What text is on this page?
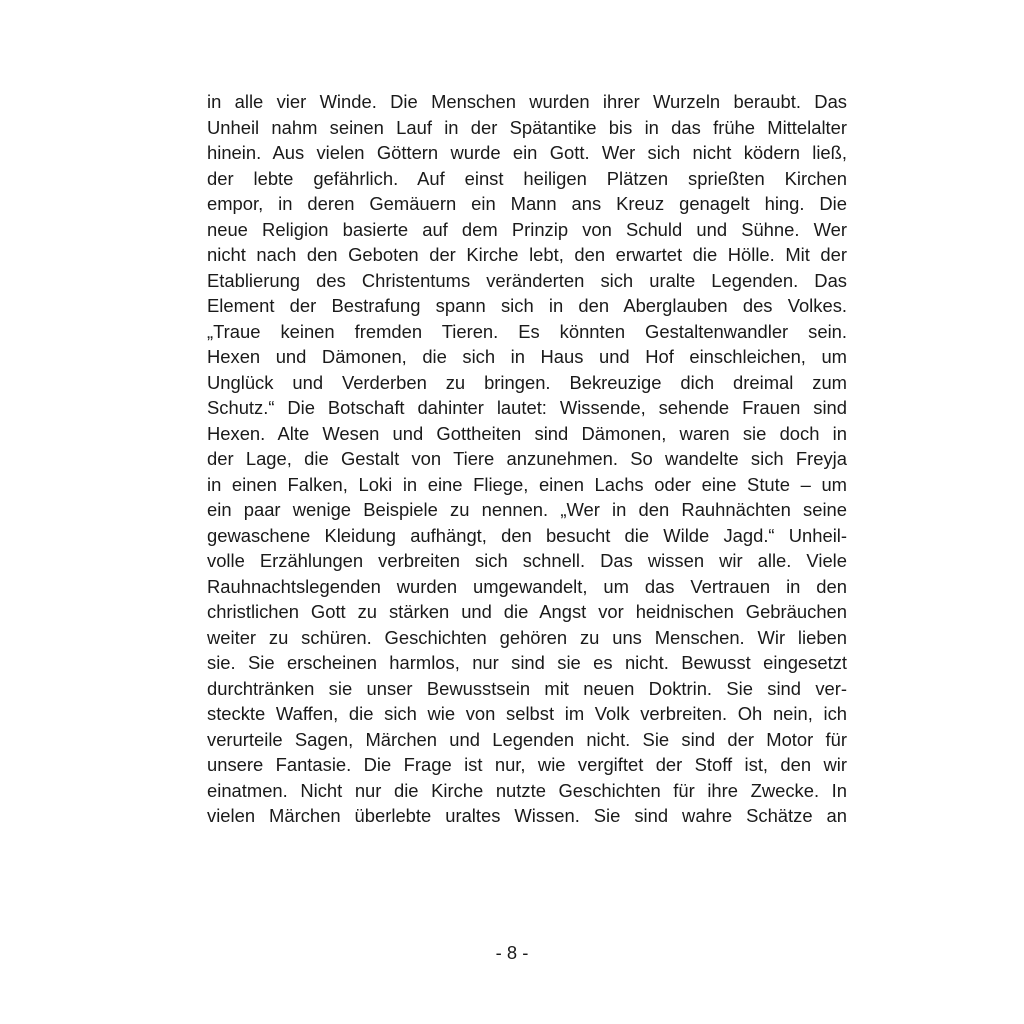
in alle vier Winde. Die Menschen wurden ihrer Wurzeln beraubt. Das
Unheil nahm seinen Lauf in der Spätantike bis in das frühe Mittelalter
hinein. Aus vielen Göttern wurde ein Gott. Wer sich nicht ködern ließ,
der lebte gefährlich. Auf einst heiligen Plätzen sprießten Kirchen
empor, in deren Gemäuern ein Mann ans Kreuz genagelt hing. Die
neue Religion basierte auf dem Prinzip von Schuld und Sühne. Wer
nicht nach den Geboten der Kirche lebt, den erwartet die Hölle. Mit der
Etablierung des Christentums veränderten sich uralte Legenden. Das
Element der Bestrafung spann sich in den Aberglauben des Volkes.
„Traue keinen fremden Tieren. Es könnten Gestaltenwandler sein.
Hexen und Dämonen, die sich in Haus und Hof einschleichen, um
Unglück und Verderben zu bringen. Bekreuzige dich dreimal zum
Schutz.“ Die Botschaft dahinter lautet: Wissende, sehende Frauen sind
Hexen. Alte Wesen und Gottheiten sind Dämonen, waren sie doch in
der Lage, die Gestalt von Tiere anzunehmen. So wandelte sich Freyja
in einen Falken, Loki in eine Fliege, einen Lachs oder eine Stute – um
ein paar wenige Beispiele zu nennen. „Wer in den Rauhnächten seine
gewaschene Kleidung aufhängt, den besucht die Wilde Jagd.“ Unheil-
volle Erzählungen verbreiten sich schnell. Das wissen wir alle. Viele
Rauhnachtslegenden wurden umgewandelt, um das Vertrauen in den
christlichen Gott zu stärken und die Angst vor heidnischen Gebräuchen
weiter zu schüren. Geschichten gehören zu uns Menschen. Wir lieben
sie. Sie erscheinen harmlos, nur sind sie es nicht. Bewusst eingesetzt
durchtränken sie unser Bewusstsein mit neuen Doktrin. Sie sind ver-
steckte Waffen, die sich wie von selbst im Volk verbreiten. Oh nein, ich
verurteile Sagen, Märchen und Legenden nicht. Sie sind der Motor für
unsere Fantasie. Die Frage ist nur, wie vergiftet der Stoff ist, den wir
einatmen. Nicht nur die Kirche nutzte Geschichten für ihre Zwecke. In
vielen Märchen überlebte uraltes Wissen. Sie sind wahre Schätze an
- 8 -
